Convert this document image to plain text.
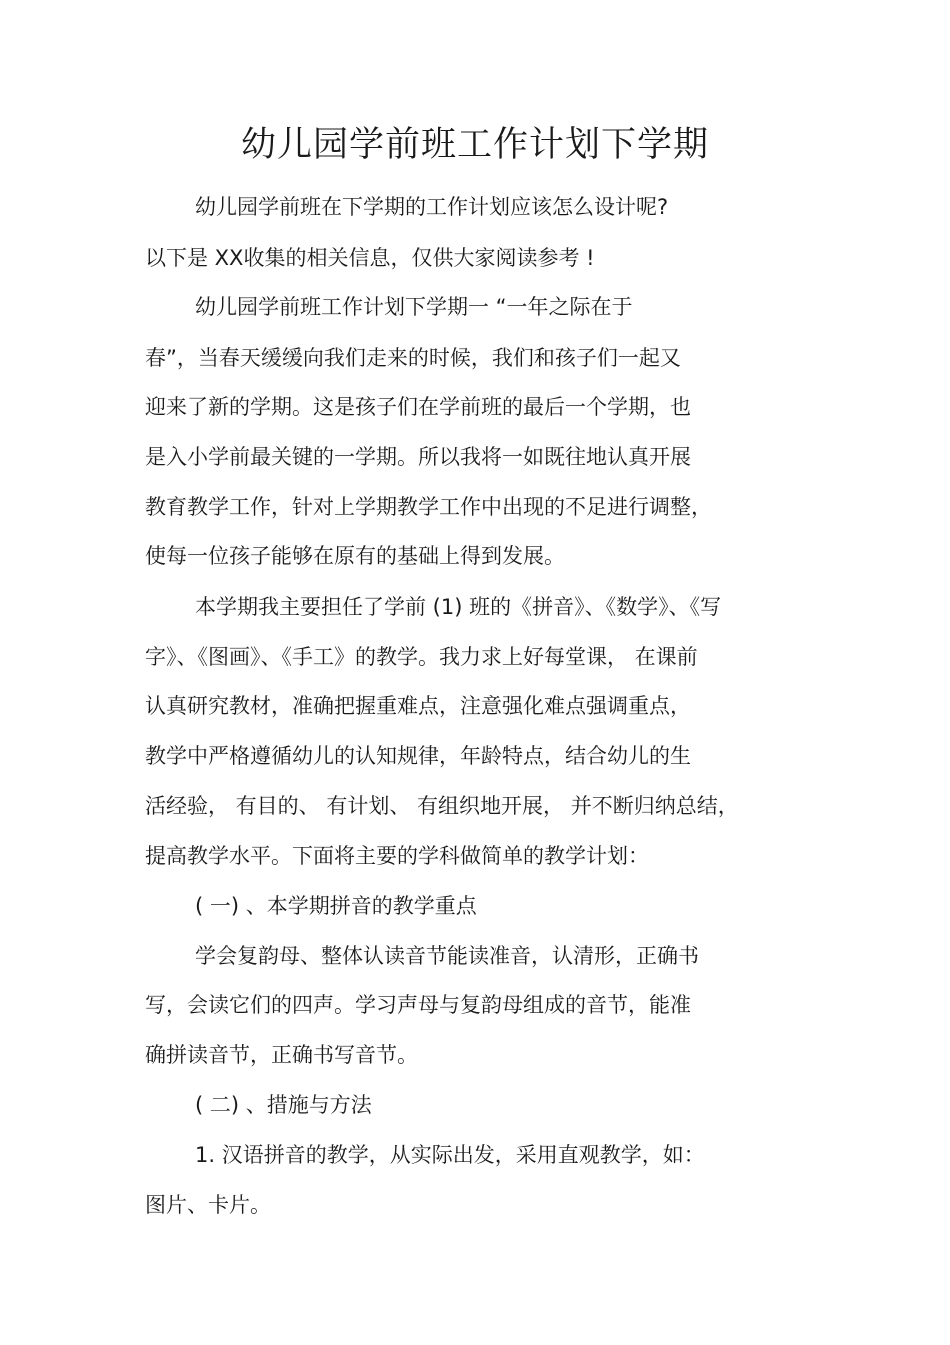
幼儿园学前班工作计划下学期

幼儿园学前班在下学期的工作计划应该怎么设计呢?

以下是 XX收集的相关信息，仅供大家阅读参考 !

幼儿园学前班工作计划下学期一 “一年之际在于

春”，当春天缓缓向我们走来的时候，我们和孩子们一起又

迎来了新的学期。这是孩子们在学前班的最后一个学期，也

是入小学前最关键的一学期。所以我将一如既往地认真开展

教育教学工作，针对上学期教学工作中出现的不足进行调整，

使每一位孩子能够在原有的基础上得到发展。

本学期我主要担任了学前 (1) 班的《拼音》、《数学》、《写

字》、《图画》、《手工》的教学。我力求上好每堂课， 在课前

认真研究教材，准确把握重难点，注意强化难点强调重点，

教学中严格遵循幼儿的认知规律，年龄特点，结合幼儿的生

活经验， 有目的、 有计划、 有组织地开展， 并不断归纳总结，

提高教学水平。下面将主要的学科做简单的教学计划：

( 一) 、本学期拼音的教学重点

学会复韵母、整体认读音节能读准音，认清形，正确书

写，会读它们的四声。学习声母与复韵母组成的音节，能准

确拼读音节，正确书写音节。

( 二) 、措施与方法

1. 汉语拼音的教学，从实际出发，采用直观教学，如：

图片、卡片。
